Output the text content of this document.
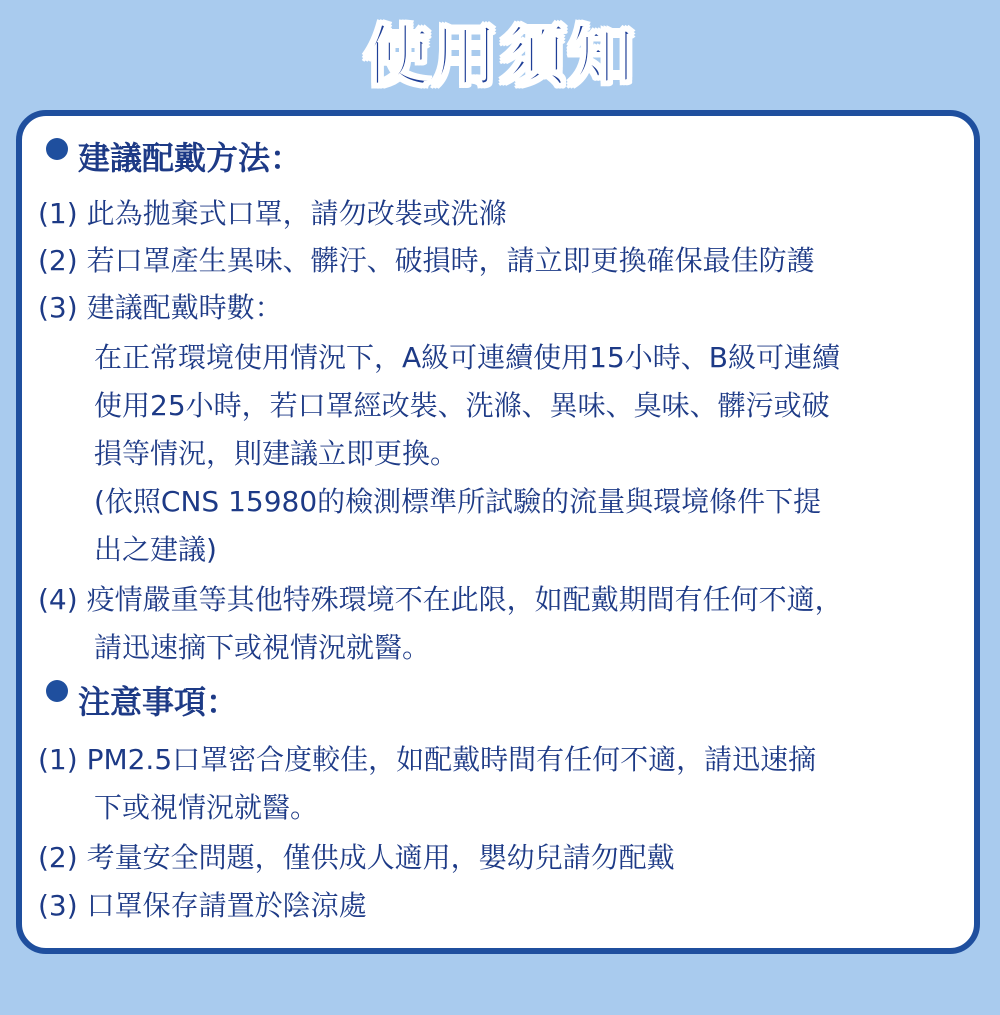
使用須知
建議配戴方法：
(1) 此為拋棄式口罩，請勿改裝或洗滌
(2) 若口罩產生異味、髒汙、破損時，請立即更換確保最佳防護
(3) 建議配戴時數：
在正常環境使用情況下，A級可連續使用15小時、B級可連續
使用25小時，若口罩經改裝、洗滌、異味、臭味、髒污或破
損等情況，則建議立即更換。
(依照CNS 15980的檢測標準所試驗的流量與環境條件下提
出之建議)
(4) 疫情嚴重等其他特殊環境不在此限，如配戴期間有任何不適，
請迅速摘下或視情況就醫。
注意事項：
(1) PM2.5口罩密合度較佳，如配戴時間有任何不適，請迅速摘
下或視情況就醫。
(2) 考量安全問題，僅供成人適用，嬰幼兒請勿配戴
(3) 口罩保存請置於陰涼處
